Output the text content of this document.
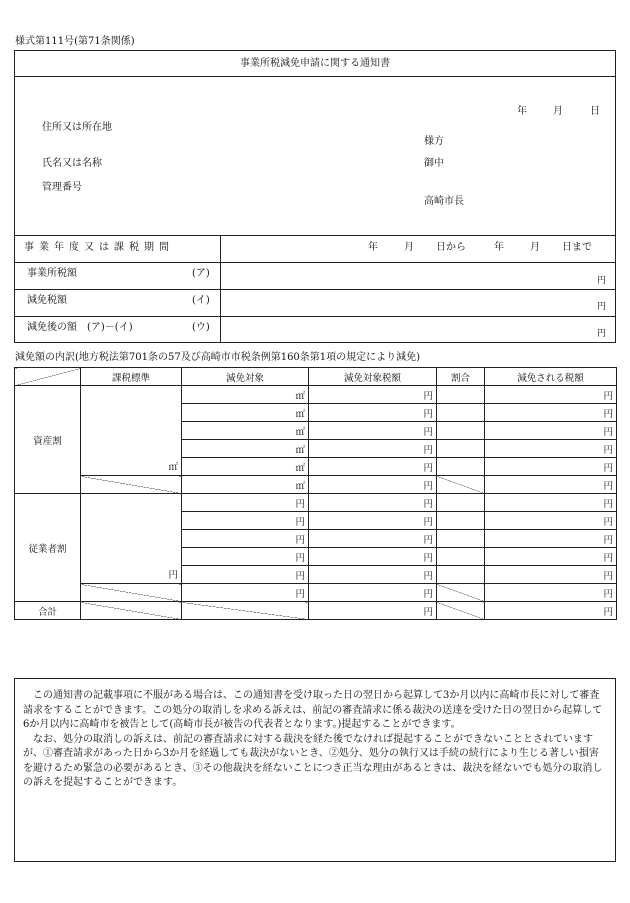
様式第111号(第71条関係)
事業所税減免申請に関する通知書
年	月	日
住所又は所在地
様方
氏名又は名称	御中
管理番号
高崎市長
事業年度又は課税期間	年	月 日から	年	月 日まで
事業所税額	(ア)
円
減免税額	(イ)
円
減免後の額　(ア)－(イ)	(ウ)
円
減免額の内訳(地方税法第701条の57及び高崎市市税条例第160条第1項の規定により減免)
	課税標準	減免対象	減免対象税額	割合	減免される税額
資産割	㎡	㎡	円		円
		㎡	円		円
		㎡	円		円
		㎡	円		円
		㎡	円		円
		㎡	円		円
従業者割	円	円	円		円
		円	円		円
		円	円		円
		円	円		円
		円	円		円
		円	円		円
合計			円		円

この通知書の記載事項に不服がある場合は、この通知書を受け取った日の翌日から起算して3か月以内に高崎市長に対して審査請求をすることができます。この処分の取消しを求める訴えは、前記の審査請求に係る裁決の送達を受けた日の翌日から起算して6か月以内に高崎市を被告として(高崎市長が被告の代表者となります。)提起することができます。

なお、処分の取消しの訴えは、前記の審査請求に対する裁決を経た後でなければ提起することができないこととされていますが、①審査請求があった日から3か月を経過しても裁決がないとき、②処分、処分の執行又は手続の続行により生じる著しい損害を避けるため緊急の必要があるとき、③その他裁決を経ないことにつき正当な理由があるときは、裁決を経ないでも処分の取消しの訴えを提起することができます。
